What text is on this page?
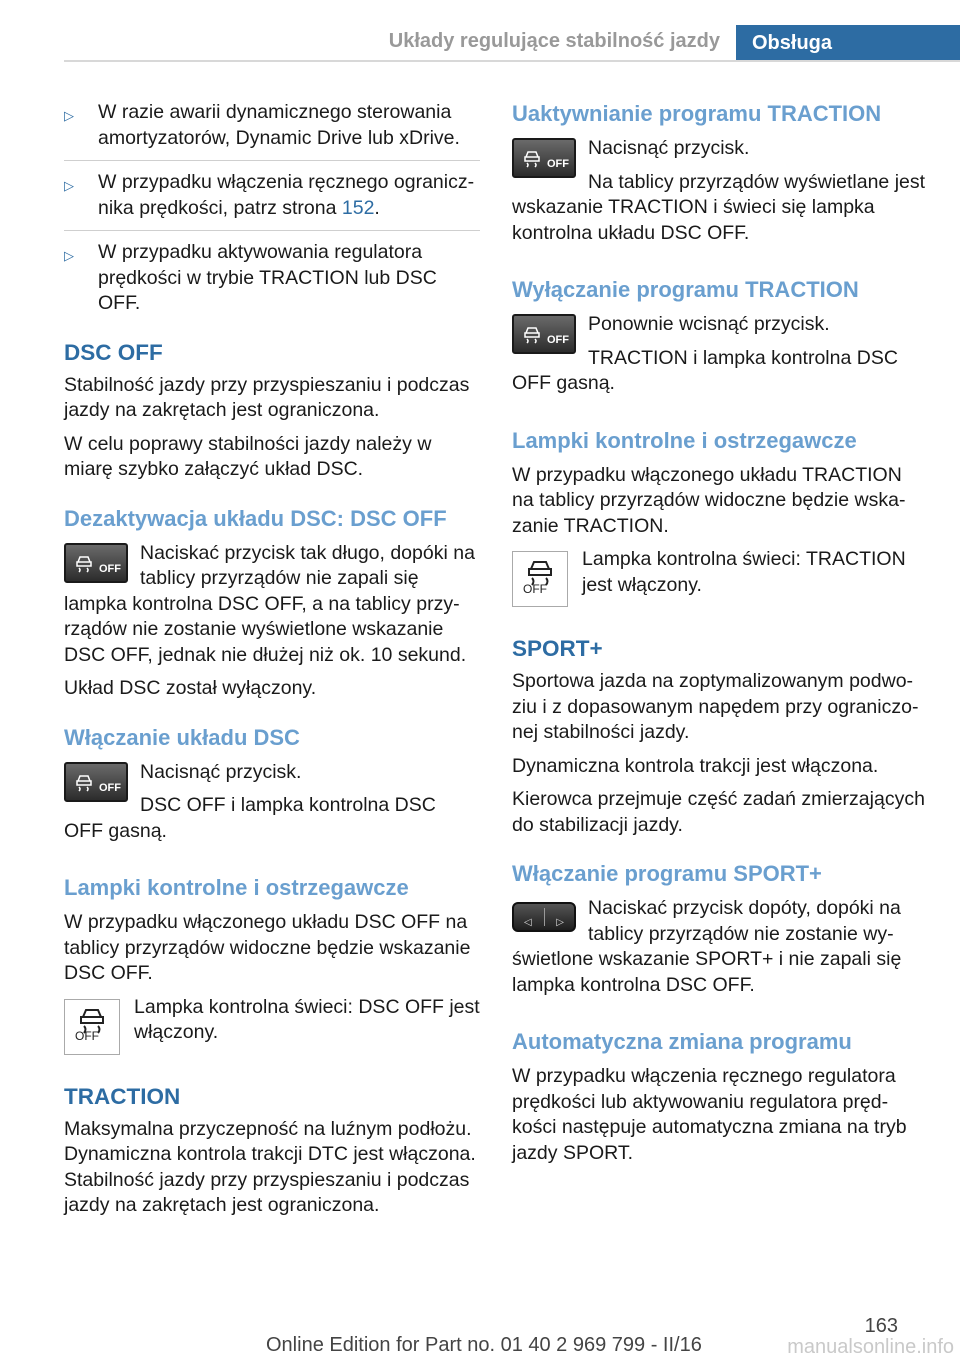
Układy regulujące stabilność jazdy Obsługa
▷	W razie awarii dynamicznego sterowania amortyzatorów, Dynamic Drive lub xDrive.
▷	W przypadku włączenia ręcznego ogranicznika prędkości, patrz strona 152.
▷	W przypadku aktywowania regulatora prędkości w trybie TRACTION lub DSC OFF.
DSC OFF

Stabilność jazdy przy przyspieszaniu i podczas jazdy na zakrętach jest ograniczona.

W celu poprawy stabilności jazdy należy w miarę szybko załączyć układ DSC.

Dezaktywacja układu DSC: DSC OFF
OFF

Naciskać przycisk tak długo, dopóki na tablicy przyrządów nie zapali się lampka kontrolna DSC OFF, a na tablicy przyrządów nie zostanie wyświetlone wskazanie DSC OFF, jednak nie dłużej niż ok. 10 sekund.

Układ DSC został wyłączony.

Włączanie układu DSC
OFF

Nacisnąć przycisk.

DSC OFF i lampka kontrolna DSC OFF gasną.

Lampki kontrolne i ostrzegawcze

W przypadku włączonego układu DSC OFF na tablicy przyrządów widoczne będzie wskazanie DSC OFF.

OFF

Lampka kontrolna świeci: DSC OFF jest włączony.

TRACTION

Maksymalna przyczepność na luźnym podłożu. Dynamiczna kontrola trakcji DTC jest włączona. Stabilność jazdy przy przyspieszaniu i podczas jazdy na zakrętach jest ograniczona.

Uaktywnianie programu TRACTION
OFF

Nacisnąć przycisk.

Na tablicy przyrządów wyświetlane jest wskazanie TRACTION i świeci się lampka kontrolna układu DSC OFF.

Wyłączanie programu TRACTION
OFF

Ponownie wcisnąć przycisk.

TRACTION i lampka kontrolna DSC OFF gasną.

Lampki kontrolne i ostrzegawcze

W przypadku włączonego układu TRACTION na tablicy przyrządów widoczne będzie wskazanie TRACTION.

OFF

Lampka kontrolna świeci: TRACTION jest włączony.

SPORT+

Sportowa jazda na zoptymalizowanym podwoziu i z dopasowanym napędem przy ograniczonej stabilności jazdy.

Dynamiczna kontrola trakcji jest włączona.

Kierowca przejmuje część zadań zmierzających do stabilizacji jazdy.

Włączanie programu SPORT+
◁ ▷

Naciskać przycisk dopóty, dopóki na tablicy przyrządów nie zostanie wyświetlone wskazanie SPORT+ i nie zapali się lampka kontrolna DSC OFF.

Automatyczna zmiana programu

W przypadku włączenia ręcznego regulatora prędkości lub aktywowaniu regulatora prędkości następuje automatyczna zmiana na tryb jazdy SPORT.

163
Online Edition for Part no. 01 40 2 969 799 - II/16	manualsonline.info
